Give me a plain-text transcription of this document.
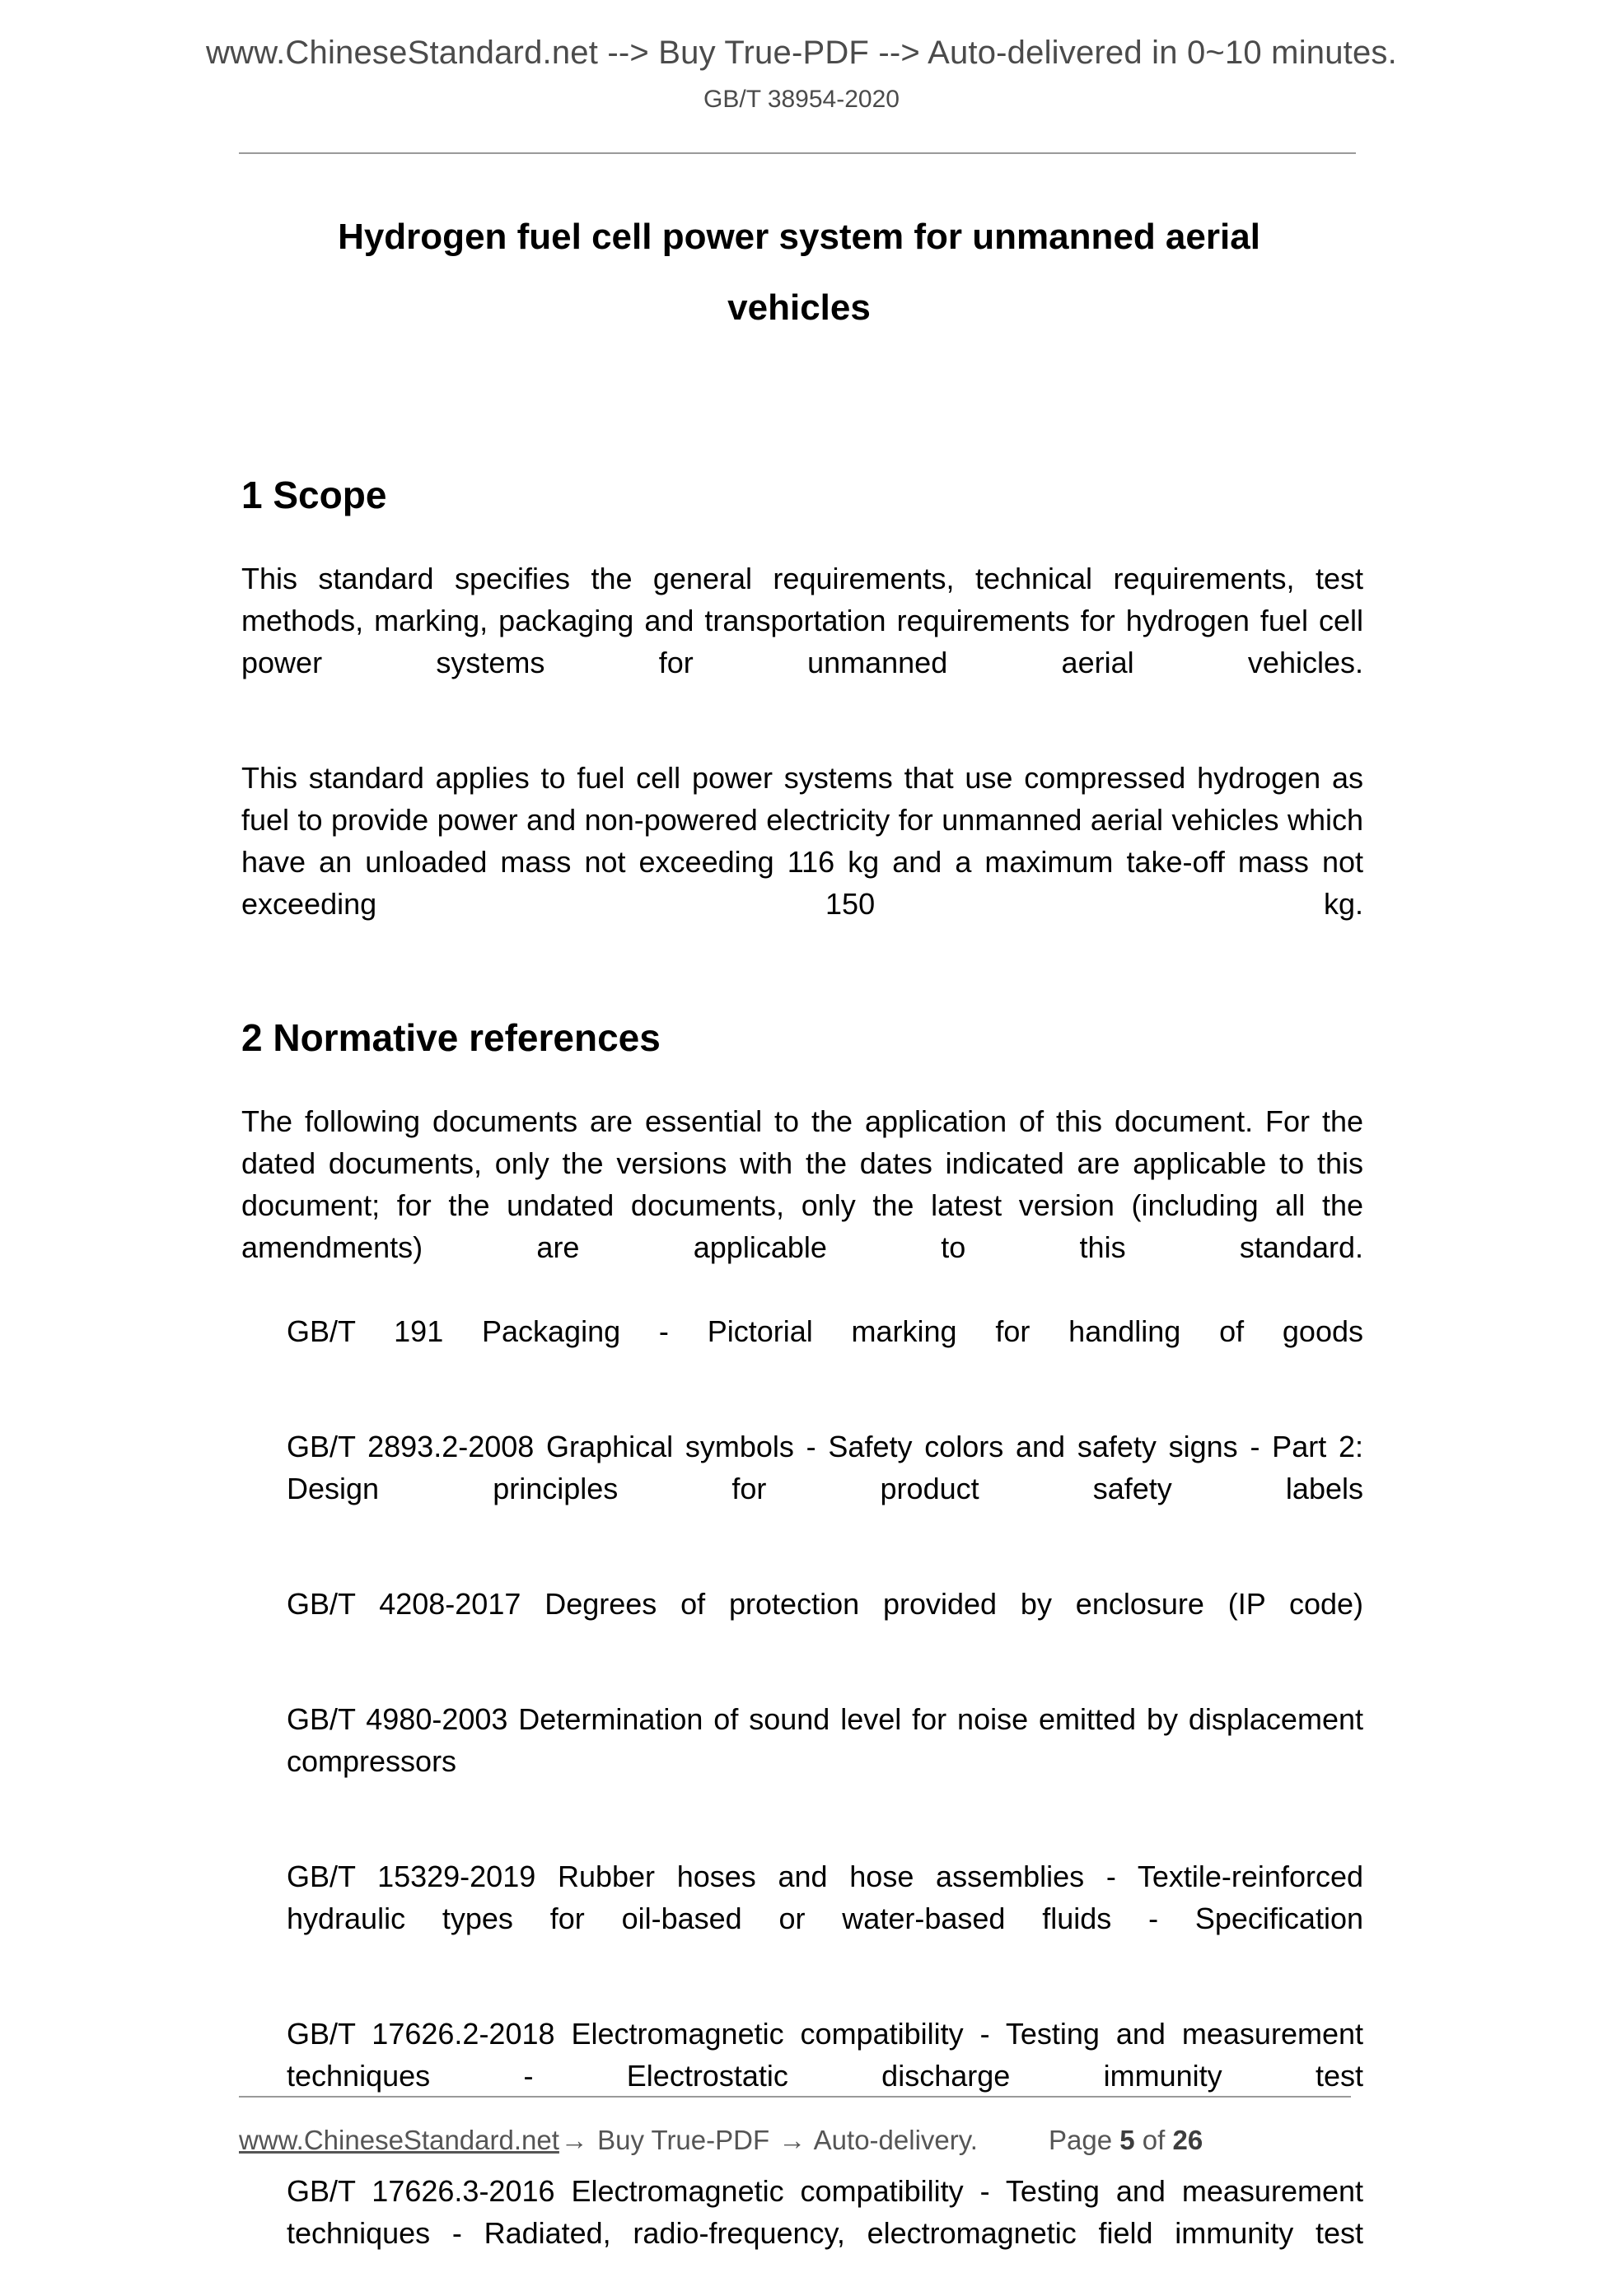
www.ChineseStandard.net --> Buy True-PDF --> Auto-delivered in 0~10 minutes.
GB/T 38954-2020
Hydrogen fuel cell power system for unmanned aerial
vehicles
1 Scope

This standard specifies the general requirements, technical requirements, test methods, marking, packaging and transportation requirements for hydrogen fuel cell power systems for unmanned aerial vehicles.

This standard applies to fuel cell power systems that use compressed hydrogen as fuel to provide power and non-powered electricity for unmanned aerial vehicles which have an unloaded mass not exceeding 116 kg and a maximum take-off mass not exceeding 150 kg.

2 Normative references

The following documents are essential to the application of this document. For the dated documents, only the versions with the dates indicated are applicable to this document; for the undated documents, only the latest version (including all the amendments) are applicable to this standard.

GB/T 191 Packaging - Pictorial marking for handling of goods
GB/T 2893.2-2008 Graphical symbols - Safety colors and safety signs - Part 2: Design principles for product safety labels
GB/T 4208-2017 Degrees of protection provided by enclosure (IP code)
GB/T 4980-2003 Determination of sound level for noise emitted by displacement compressors
GB/T 15329-2019 Rubber hoses and hose assemblies - Textile-reinforced hydraulic types for oil-based or water-based fluids - Specification
GB/T 17626.2-2018 Electromagnetic compatibility - Testing and measurement techniques - Electrostatic discharge immunity test
GB/T 17626.3-2016 Electromagnetic compatibility - Testing and measurement techniques - Radiated, radio-frequency, electromagnetic field immunity test
www.ChineseStandard.net→ Buy True-PDF → Auto-delivery.	Page 5 of 26
